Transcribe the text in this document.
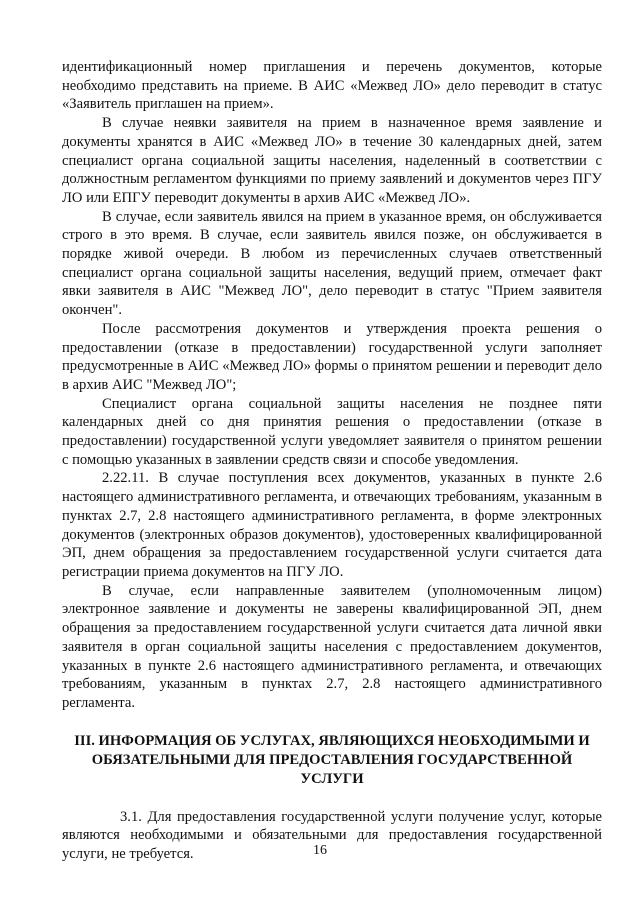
идентификационный номер приглашения и перечень документов, которые необходимо представить на приеме. В АИС «Межвед ЛО» дело переводит в статус «Заявитель приглашен на прием».

В случае неявки заявителя на прием в назначенное время заявление и документы хранятся в АИС «Межвед ЛО» в течение 30 календарных дней, затем специалист органа социальной защиты населения, наделенный в соответствии с должностным регламентом функциями по приему заявлений и документов через ПГУ ЛО или ЕПГУ переводит документы в архив АИС «Межвед ЛО».

В случае, если заявитель явился на прием в указанное время, он обслуживается строго в это время. В случае, если заявитель явился позже, он обслуживается в порядке живой очереди. В любом из перечисленных случаев ответственный специалист органа социальной защиты населения, ведущий прием, отмечает факт явки заявителя в АИС "Межвед ЛО", дело переводит в статус "Прием заявителя окончен".

После рассмотрения документов и утверждения проекта решения о предоставлении (отказе в предоставлении) государственной услуги заполняет предусмотренные в АИС «Межвед ЛО» формы о принятом решении и переводит дело в архив АИС "Межвед ЛО";

Специалист органа социальной защиты населения не позднее пяти календарных дней со дня принятия решения о предоставлении (отказе в предоставлении) государственной услуги уведомляет заявителя о принятом решении с помощью указанных в заявлении средств связи и способе уведомления.

2.22.11. В случае поступления всех документов, указанных в пункте 2.6 настоящего административного регламента, и отвечающих требованиям, указанным в пунктах 2.7, 2.8 настоящего административного регламента, в форме электронных документов (электронных образов документов), удостоверенных квалифицированной ЭП, днем обращения за предоставлением государственной услуги считается дата регистрации приема документов на ПГУ ЛО.

В случае, если направленные заявителем (уполномоченным лицом) электронное заявление и документы не заверены квалифицированной ЭП, днем обращения за предоставлением государственной услуги считается дата личной явки заявителя в орган социальной защиты населения с предоставлением документов, указанных в пункте 2.6 настоящего административного регламента, и отвечающих требованиям, указанным в пунктах 2.7, 2.8 настоящего административного регламента.

III. ИНФОРМАЦИЯ ОБ УСЛУГАХ, ЯВЛЯЮЩИХСЯ НЕОБХОДИМЫМИ И ОБЯЗАТЕЛЬНЫМИ ДЛЯ ПРЕДОСТАВЛЕНИЯ ГОСУДАРСТВЕННОЙ УСЛУГИ

3.1. Для предоставления государственной услуги получение услуг, которые являются необходимыми и обязательными для предоставления государственной услуги, не требуется.	16
